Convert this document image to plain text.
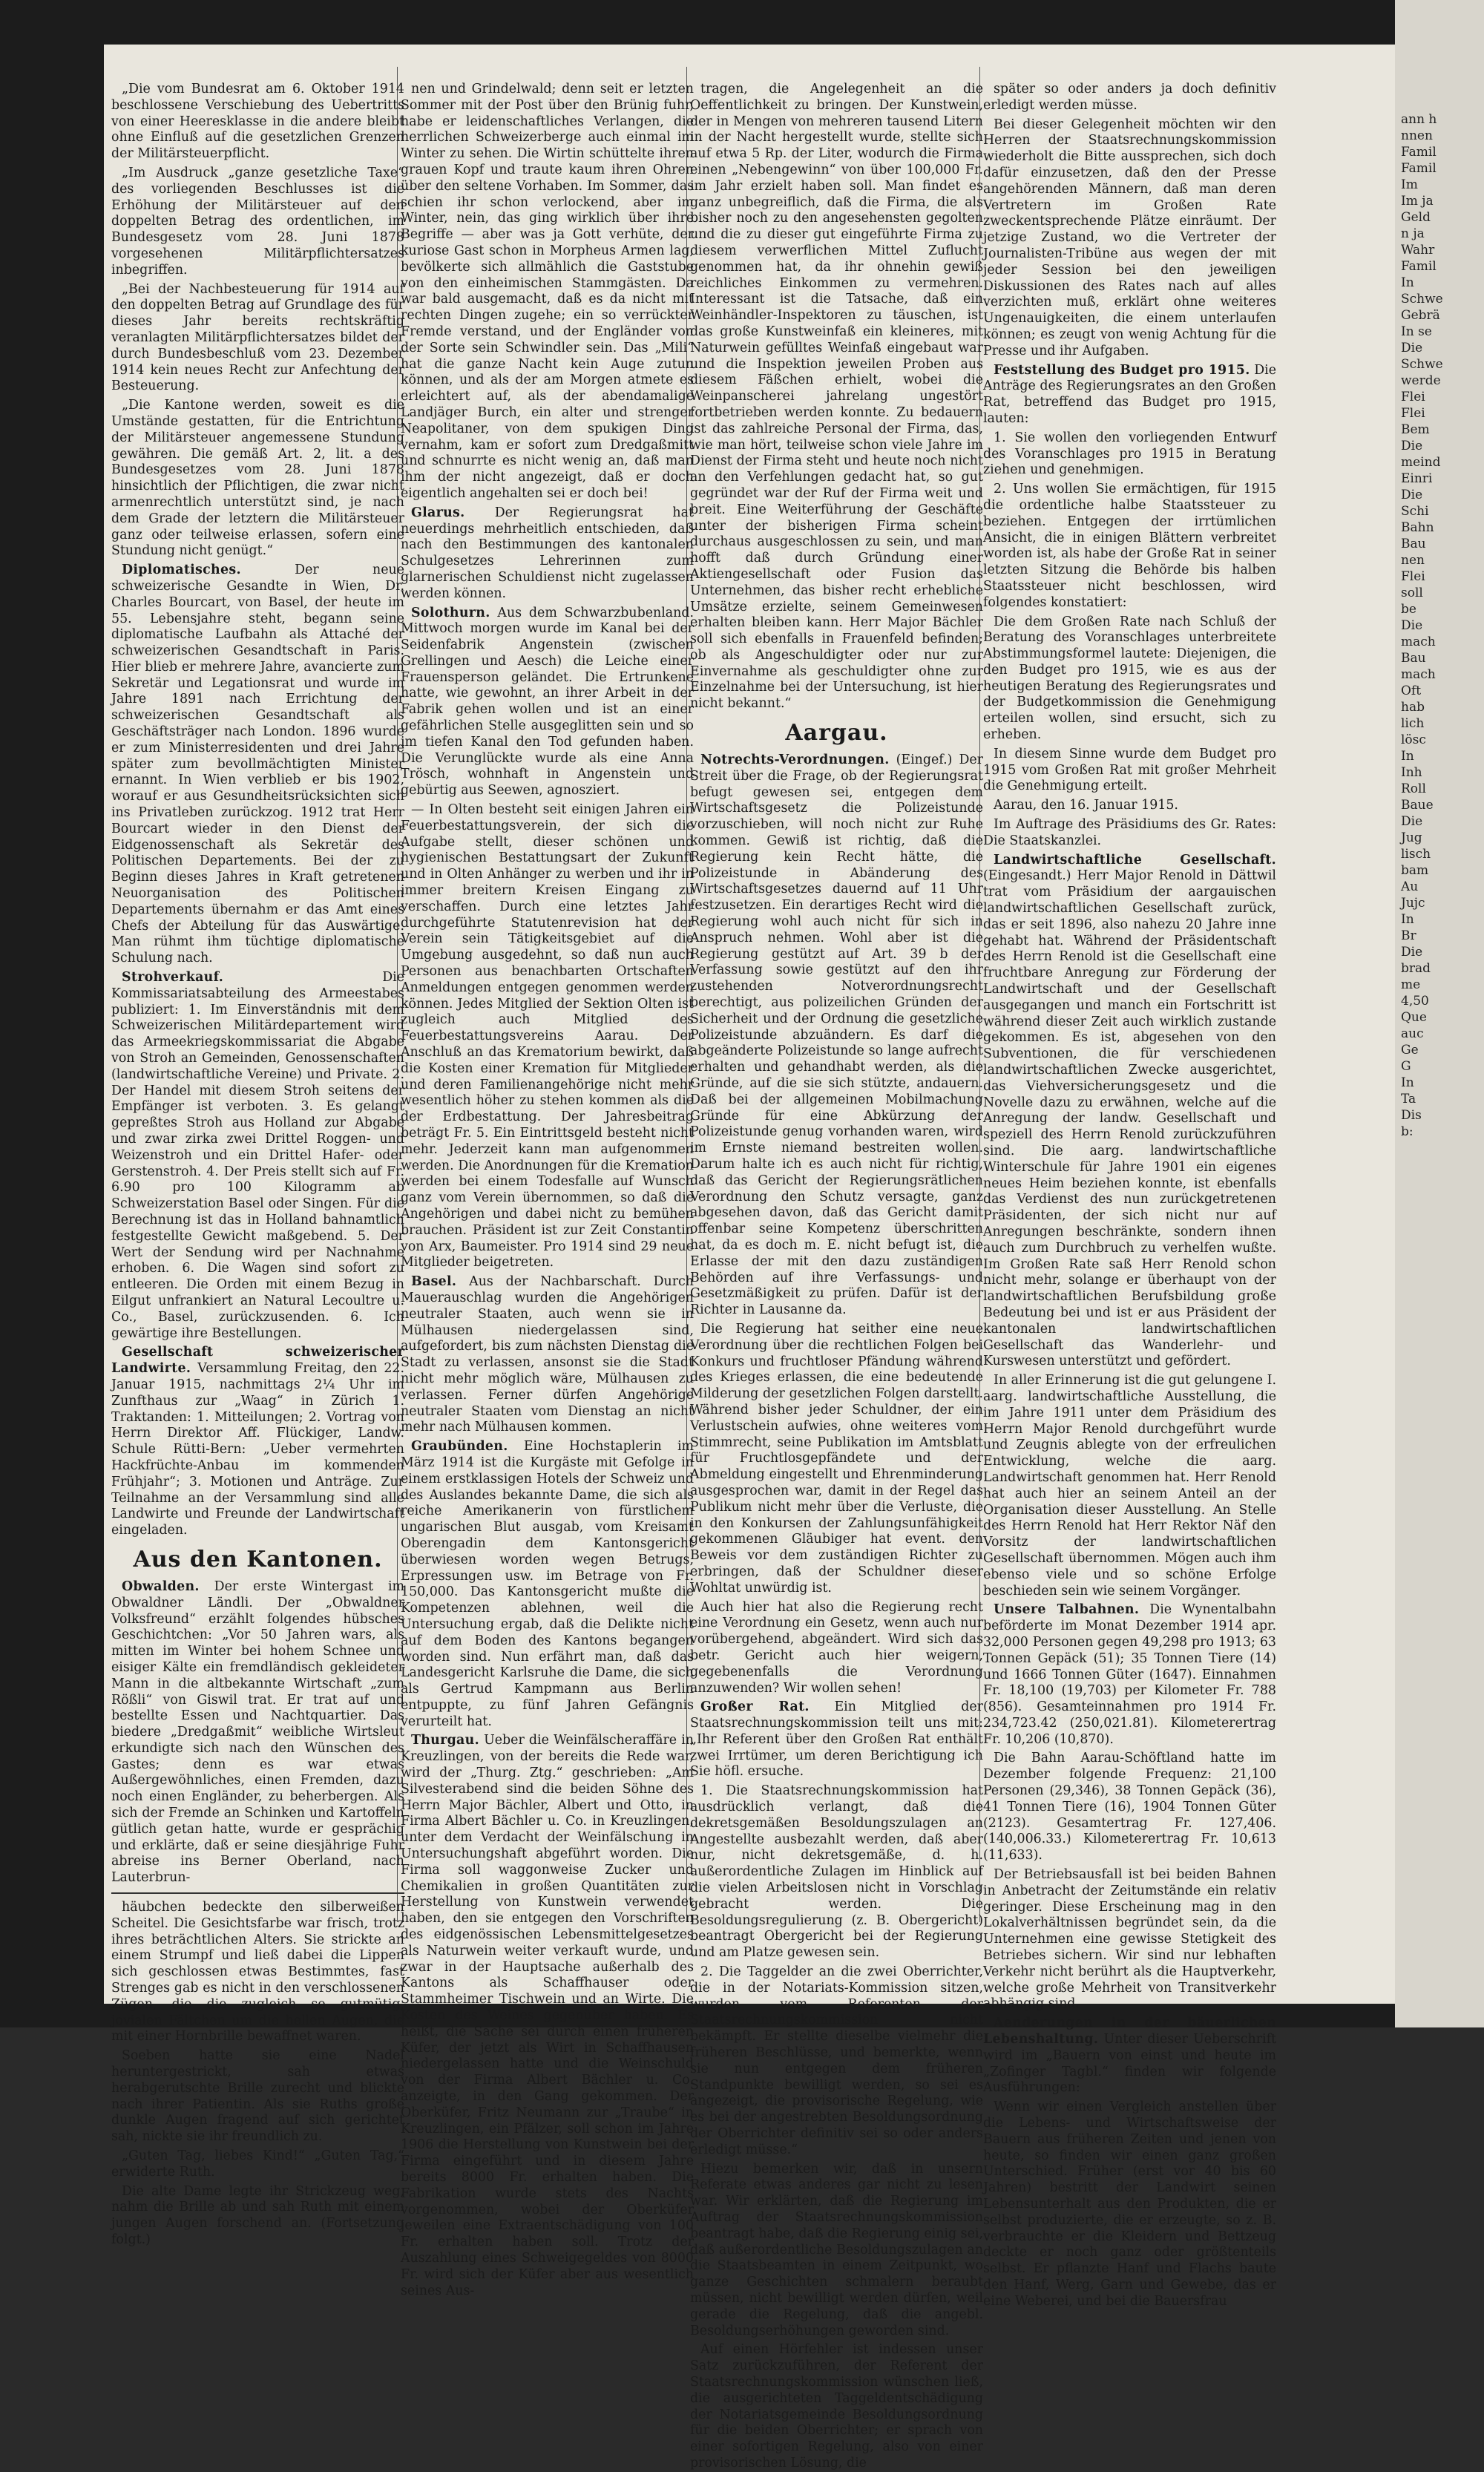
„Die vom Bundesrat am 6. Oktober 1914 beschlossene Verschiebung des Uebertritts von einer Heeresklasse in die andere bleibt ohne Einfluß auf die gesetzlichen Grenzen der Militärsteuerpflicht.

„Im Ausdruck „ganze gesetzliche Taxe“ des vorliegenden Beschlusses ist die Erhöhung der Militärsteuer auf den doppelten Betrag des ordentlichen, im Bundesgesetz vom 28. Juni 1878 vorgesehenen Militärpflichtersatzes inbegriffen.

„Bei der Nachbesteuerung für 1914 auf den doppelten Betrag auf Grundlage des für dieses Jahr bereits rechtskräftig veranlagten Militärpflichtersatzes bildet der durch Bundesbeschluß vom 23. Dezember 1914 kein neues Recht zur Anfechtung der Besteuerung.

„Die Kantone werden, soweit es die Umstände gestatten, für die Entrichtung der Militärsteuer angemessene Stundung gewähren. Die gemäß Art. 2, lit. a des Bundesgesetzes vom 28. Juni 1878 hinsichtlich der Pflichtigen, die zwar nicht armenrechtlich unterstützt sind, je nach dem Grade der letztern die Militärsteuer ganz oder teilweise erlassen, sofern eine Stundung nicht genügt.“

Diplomatisches.	Der neue schweizerische Gesandte in Wien, Dr. Charles Bourcart, von Basel, der heute im 55. Lebensjahre steht, begann seine diplomatische Laufbahn als Attaché der schweizerischen Gesandtschaft in Paris. Hier blieb er mehrere Jahre, avancierte zum Sekretär und Legationsrat und wurde im Jahre 1891 nach Errichtung der schweizerischen Gesandtschaft als Geschäftsträger nach London. 1896 wurde er zum Ministerresidenten und drei Jahre später zum bevollmächtigten Minister ernannt. In Wien verblieb er bis 1902, worauf er aus Gesundheitsrücksichten sich ins Privatleben zurückzog. 1912 trat Herr Bourcart wieder in den Dienst der Eidgenossenschaft als Sekretär des Politischen Departements. Bei der zu Beginn dieses Jahres in Kraft getretenen Neuorganisation des Politischen Departements übernahm er das Amt eines Chefs der Abteilung für das Auswärtige. Man rühmt ihm tüchtige diplomatische Schulung nach.

Strohverkauf.	Die Kommissariatsabteilung des Armeestabes publiziert: 1. Im Einverständnis mit dem Schweizerischen Militärdepartement wird das Armeekriegskommissariat die Abgabe von Stroh an Gemeinden, Genossenschaften (landwirtschaftliche Vereine) und Private. 2. Der Handel mit diesem Stroh seitens der Empfänger ist verboten. 3. Es gelangt gepreßtes Stroh aus Holland zur Abgabe und zwar zirka zwei Drittel Roggen- und Weizenstroh und ein Drittel Hafer- oder Gerstenstroh. 4. Der Preis stellt sich auf Fr. 6.90 pro 100 Kilogramm ab Schweizerstation Basel oder Singen. Für die Berechnung ist das in Holland bahnamtlich festgestellte Gewicht maßgebend. 5. Der Wert der Sendung wird per Nachnahme erhoben. 6. Die Wagen sind sofort zu entleeren. Die Orden mit einem Bezug in Eilgut unfrankiert an Natural Lecoultre u. Co., Basel, zurückzusenden. 6. Ich gewärtige ihre Bestellungen.

Gesellschaft schweizerischer Landwirte. Versammlung Freitag, den 22. Januar 1915, nachmittags 2¼ Uhr im Zunfthaus zur „Waag“ in Zürich 1. Traktanden: 1. Mitteilungen; 2. Vortrag von Herrn Direktor Aff. Flückiger, Landw. Schule Rütti-Bern: „Ueber vermehrten Hackfrüchte-Anbau im kommenden Frühjahr“; 3. Motionen und Anträge. Zur Teilnahme an der Versammlung sind alle Landwirte und Freunde der Landwirtschaft eingeladen.

Aus den Kantonen.

Obwalden. Der erste Wintergast im Obwaldner Ländli. Der „Obwaldner Volksfreund“ erzählt folgendes hübsches Geschichtchen: „Vor 50 Jahren wars, als mitten im Winter bei hohem Schnee und eisiger Kälte ein fremdländisch gekleideter Mann in die altbekannte Wirtschaft „zum Rößli“ von Giswil trat. Er trat auf und bestellte Essen und Nachtquartier. Das biedere „Dredgaßmit“ weibliche Wirtsleut erkundigte sich nach den Wünschen des Gastes; denn es war etwas Außergewöhnliches, einen Fremden, dazu noch einen Engländer, zu beherbergen. Als sich der Fremde an Schinken und Kartoffeln gütlich getan hatte, wurde er gesprächig und erklärte, daß er seine diesjährige Fuhr abreise ins Berner Oberland, nach Lauterbrun-

häubchen bedeckte den silberweißen Scheitel. Die Gesichtsfarbe war frisch, trotz ihres beträchtlichen Alters. Sie strickte an einem Strumpf und ließ dabei die Lippen sich geschlossen etwas Bestimmtes, fast Strenges gab es nicht in den verschlossenen Zügen, die die zugleich so gutmütig, jovialen Fältchen um die hellen Augen, die mit einer Hornbrille bewaffnet waren.

Soeben hatte sie eine Nadel heruntergestrickt, sah etwas herabgerutschte Brille zurecht und blickte nach ihrer Patientin. Als sie Ruths große dunkle Augen fragend auf sich gerichtet sah, nickte sie ihr freundlich zu.

„Guten Tag, liebes Kind!“ „Guten Tag,“ erwiderte Ruth.

Die alte Dame legte ihr Strickzeug weg, nahm die Brille ab und sah Ruth mit einem jungen Augen forschend an. (Fortsetzung folgt.)

nen und Grindelwald; denn seit er letzten Sommer mit der Post über den Brünig fuhr, habe er leidenschaftliches Verlangen, die herrlichen Schweizerberge auch einmal im Winter zu sehen. Die Wirtin schüttelte ihren grauen Kopf und traute kaum ihren Ohren über den seltene Vorhaben. Im Sommer, das schien ihr schon verlockend, aber im Winter, nein, das ging wirklich über ihre Begriffe — aber was ja Gott verhüte, der kuriose Gast schon in Morpheus Armen lag, bevölkerte sich allmählich die Gaststube von den einheimischen Stammgästen. Da war bald ausgemacht, daß es da nicht mit rechten Dingen zugehe; ein so verrückter Fremde verstand, und der Engländer von der Sorte sein Schwindler sein. Das „Mili“ hat die ganze Nacht kein Auge zutun können, und als der am Morgen atmete es erleichtert auf, als der abendamalige Landjäger Burch, ein alter und strenger Neapolitaner, von dem spukigen Ding vernahm, kam er sofort zum Dredgaßmitt und schnurrte es nicht wenig an, daß man ihm der nicht angezeigt, daß er doch eigentlich angehalten sei er doch bei!

Glarus. Der Regierungsrat hat neuerdings mehrheitlich entschieden, daß nach den Bestimmungen des kantonalen Schulgesetzes Lehrerinnen zum glarnerischen Schuldienst nicht zugelassen werden können.

Solothurn. Aus dem Schwarzbubenland. Mittwoch morgen wurde im Kanal bei der Seidenfabrik Angenstein (zwischen Grellingen und Aesch) die Leiche einer Frauensperson geländet. Die Ertrunkene hatte, wie gewohnt, an ihrer Arbeit in der Fabrik gehen wollen und ist an einer gefährlichen Stelle ausgeglitten sein und so im tiefen Kanal den Tod gefunden haben. Die Verunglückte wurde als eine Anna Trösch, wohnhaft in Angenstein und gebürtig aus Seewen, agnosziert.

— In Olten besteht seit einigen Jahren ein Feuerbestattungsverein, der sich die Aufgabe stellt, dieser schönen und hygienischen Bestattungsart der Zukunft und in Olten Anhänger zu werben und ihr in immer breitern Kreisen Eingang zu verschaffen. Durch eine letztes Jahr durchgeführte Statutenrevision hat der Verein sein Tätigkeitsgebiet auf die Umgebung ausgedehnt, so daß nun auch Personen aus benachbarten Ortschaften Anmeldungen entgegen genommen werden können. Jedes Mitglied der Sektion Olten ist zugleich auch Mitglied des Feuerbestattungsvereins Aarau. Der Anschluß an das Krematorium bewirkt, daß die Kosten einer Kremation für Mitglieder und deren Familienangehörige nicht mehr wesentlich höher zu stehen kommen als die der Erdbestattung. Der Jahresbeitrag beträgt Fr. 5. Ein Eintrittsgeld besteht nicht mehr. Jederzeit kann man aufgenommen werden. Die Anordnungen für die Kremation werden bei einem Todesfalle auf Wunsch ganz vom Verein übernommen, so daß die Angehörigen und dabei nicht zu bemühen brauchen. Präsident ist zur Zeit Constantin von Arx, Baumeister. Pro 1914 sind 29 neue Mitglieder beigetreten.

Basel. Aus der Nachbarschaft. Durch Mauerauschlag wurden die Angehörigen neutraler Staaten, auch wenn sie in Mülhausen niedergelassen sind, aufgefordert, bis zum nächsten Dienstag die Stadt zu verlassen, ansonst sie die Stadt nicht mehr möglich wäre, Mülhausen zu verlassen. Ferner dürfen Angehörige neutraler Staaten vom Dienstag an nicht mehr nach Mülhausen kommen.

Graubünden. Eine Hochstaplerin im März 1914 ist die Kurgäste mit Gefolge in einem erstklassigen Hotels der Schweiz und des Auslandes bekannte Dame, die sich als reiche Amerikanerin von fürstlichem ungarischen Blut ausgab, vom Kreisamt Oberengadin dem Kantonsgericht überwiesen worden wegen Betrugs, Erpressungen usw. im Betrage von Fr. 150,000. Das Kantonsgericht mußte die Kompetenzen ablehnen, weil die Untersuchung ergab, daß die Delikte nicht auf dem Boden des Kantons begangen worden sind. Nun erfährt man, daß das Landesgericht Karlsruhe die Dame, die sich als Gertrud Kampmann aus Berlin entpuppte, zu fünf Jahren Gefängnis verurteilt hat.

Thurgau. Ueber die Weinfälscheraffäre in Kreuzlingen, von der bereits die Rede war, wird der „Thurg. Ztg.“ geschrieben: „Am Silvesterabend sind die beiden Söhne des Herrn Major Bächler, Albert und Otto, in Firma Albert Bächler u. Co. in Kreuzlingen, unter dem Verdacht der Weinfälschung in Untersuchungshaft abgeführt worden. Die Firma soll waggonweise Zucker und Chemikalien in großen Quantitäten zur Herstellung von Kunstwein verwendet haben, den sie entgegen den Vorschriften des eidgenössischen Lebensmittelgesetzes als Naturwein weiter verkauft wurde, und zwar in der Hauptsache außerhalb des Kantons als Schaffhauser oder Stammheimer Tischwein und an Wirte. Die Kosten des Weines gegenüber haben. Es heißt, die Sache sei durch einen früheren Küfer, der jetzt als Wirt in Schaffhausen niedergelassen hatte und die Weinschuld von der Firma Albert Bächler u. Co. anzeigte, in den Gang gekommen. Der Oberküfer, Fritz Neumann zur „Traube“ in Kreuzlingen, ein Pfälzer, soll schon im Jahre 1906 die Herstellung von Kunstwein bei der Firma eingeführt und in diesem Jahre bereits 8000 Fr. erhalten haben. Die Fabrikation wurde stets des Nachts vorgenommen, wobei der Oberküfer jeweilen eine Extraentschädigung von 100 Fr. erhalten haben soll. Trotz der Auszahlung eines Schweigegeldes von 8000 Fr. wird sich der Küfer aber aus wesentlich seines Aus-

tragen, die Angelegenheit an die Oeffentlichkeit zu bringen. Der Kunstwein, der in Mengen von mehreren tausend Litern in der Nacht hergestellt wurde, stellte sich auf etwa 5 Rp. der Liter, wodurch die Firma einen „Nebengewinn“ von über 100,000 Fr. im Jahr erzielt haben soll. Man findet es ganz unbegreiflich, daß die Firma, die als bisher noch zu den angesehensten gegolten und die zu dieser gut eingeführte Firma zu diesem verwerflichen Mittel Zuflucht genommen hat, da ihr ohnehin gewiß reichliches Einkommen zu vermehren. Interessant ist die Tatsache, daß ein Weinhändler-Inspektoren zu täuschen, ist das große Kunstweinfaß ein kleineres, mit Naturwein gefülltes Weinfaß eingebaut war und die Inspektion jeweilen Proben aus diesem Fäßchen erhielt, wobei die Weinpanscherei jahrelang ungestört fortbetrieben werden konnte. Zu bedauern ist das zahlreiche Personal der Firma, das, wie man hört, teilweise schon viele Jahre im Dienst der Firma steht und heute noch nicht an den Verfehlungen gedacht hat, so gut gegründet war der Ruf der Firma weit und breit. Eine Weiterführung der Geschäfte unter der bisherigen Firma scheint durchaus ausgeschlossen zu sein, und man hofft daß durch Gründung einer Aktiengesellschaft oder Fusion das Unternehmen, das bisher recht erhebliche Umsätze erzielte, seinem Gemeinwesen erhalten bleiben kann. Herr Major Bächler soll sich ebenfalls in Frauenfeld befinden; ob als Angeschuldigter oder nur zur Einvernahme als geschuldigter ohne zur Einzelnahme bei der Untersuchung, ist hier nicht bekannt.“

Aargau.

Notrechts-Verordnungen. (Eingef.) Der Streit über die Frage, ob der Regierungsrat befugt gewesen sei, entgegen dem Wirtschaftsgesetz die Polizeistunde vorzuschieben, will noch nicht zur Ruhe kommen. Gewiß ist richtig, daß die Regierung kein Recht hätte, die Polizeistunde in Abänderung des Wirtschaftsgesetzes dauernd auf 11 Uhr festzusetzen. Ein derartiges Recht wird die Regierung wohl auch nicht für sich in Anspruch nehmen. Wohl aber ist die Regierung gestützt auf Art. 39 b der Verfassung sowie gestützt auf den ihr zustehenden Notverordnungsrecht berechtigt, aus polizeilichen Gründen der Sicherheit und der Ordnung die gesetzliche Polizeistunde abzuändern. Es darf die abgeänderte Polizeistunde so lange aufrecht erhalten und gehandhabt werden, als die Gründe, auf die sie sich stützte, andauern. Daß bei der allgemeinen Mobilmachung Gründe für eine Abkürzung der Polizeistunde genug vorhanden waren, wird im Ernste niemand bestreiten wollen. Darum halte ich es auch nicht für richtig, daß das Gericht der Regierungsrätlichen Verordnung den Schutz versagte, ganz abgesehen davon, daß das Gericht damit offenbar seine Kompetenz überschritten hat, da es doch m. E. nicht befugt ist, die Erlasse der mit den dazu zuständigen Behörden auf ihre Verfassungs- und Gesetzmäßigkeit zu prüfen. Dafür ist der Richter in Lausanne da.

Die Regierung hat seither eine neue Verordnung über die rechtlichen Folgen bei Konkurs und fruchtloser Pfändung während des Krieges erlassen, die eine bedeutende Milderung der gesetzlichen Folgen darstellt. Während bisher jeder Schuldner, der ein Verlustschein aufwies, ohne weiteres vom Stimmrecht, seine Publikation im Amtsblatt für Fruchtlosgepfändete und der Abmeldung eingestellt und Ehrenminderung ausgesprochen war, damit in der Regel das Publikum nicht mehr über die Verluste, die in den Konkursen der Zahlungsunfähigkeit gekommenen Gläubiger hat event. den Beweis vor dem zuständigen Richter zu erbringen, daß der Schuldner dieser Wohltat unwürdig ist.

Auch hier hat also die Regierung recht eine Verordnung ein Gesetz, wenn auch nur vorübergehend, abgeändert. Wird sich das betr. Gericht auch hier weigern, gegebenenfalls die Verordnung anzuwenden? Wir wollen sehen!

Großer Rat. Ein Mitglied der Staatsrechnungskommission teilt uns mit: „Ihr Referent über den Großen Rat enthält zwei Irrtümer, um deren Berichtigung ich Sie höfl. ersuche.

1. Die Staatsrechnungskommission hat ausdrücklich verlangt, daß die dekretsgemäßen Besoldungszulagen an Angestellte ausbezahlt werden, daß aber nur, nicht dekretsgemäße, d. h. außerordentliche Zulagen im Hinblick auf die vielen Arbeitslosen nicht in Vorschlag gebracht werden. Die Besoldungsregulierung (z. B. Obergericht) beantragt Obergericht bei der Regierung und am Platze gewesen sein.

2. Die Taggelder an die zwei Oberrichter, die in der Notariats-Kommission sitzen, wurden vom Referenten der Staatsrechnungskommission nicht bekämpft. Er stellte dieselbe vielmehr die früheren Beschlüsse, und bemerkte, wenn sie nun entgegen dem früheren Standpunkte bewilligt werden, so sei es angezeigt, die provisorische Regelung, wie es bei der angestrebten Besoldungsordnung der Oberrichter definitiv sei so oder anders erledigt müsse.“

Hiezu bemerken wir, daß in unsern Referate etwas anderes gar nicht zu lesen war. Wir erklärten, daß die Regierung im Auftrag der Staatsrechnungskommission beantragt habe, daß die Regierung einig sei, daß außerordentliche Besoldungszulagen an die Staatsbeamten in einem Zeitpunkt, wo ganze Geschichten schmalern beraubt müssen, nicht bewilligt werden dürfen, weil gerade die Regelung, daß die angebl. Besoldungserhöhungen geworden sind.

Auf einen Hörfehler ist indessen unser Satz zurückzuführen, der Referent der Staatsrechnungskommission wünschen ließ, die ausgerichteten Taggeldentschädigung der Notariatsgemeinde Besoldungsordnung für die beiden Oberrichter; er sprach von einer sofortigen Regelung, also von einer provisorischen Lösung, die

später so oder anders ja doch definitiv erledigt werden müsse.

Bei dieser Gelegenheit möchten wir den Herren der Staatsrechnungskommission wiederholt die Bitte aussprechen, sich doch dafür einzusetzen, daß den der Presse angehörenden Männern, daß man deren Vertretern im Großen Rate zweckentsprechende Plätze einräumt. Der jetzige Zustand, wo die Vertreter der Journalisten-Tribüne aus wegen der mit jeder Session bei den jeweiligen Diskussionen des Rates nach auf alles verzichten muß, erklärt ohne weiteres Ungenauigkeiten, die einem unterlaufen können; es zeugt von wenig Achtung für die Presse und ihr Aufgaben.

Feststellung des Budget pro 1915. Die Anträge des Regierungsrates an den Großen Rat, betreffend das Budget pro 1915, lauten:

1. Sie wollen den vorliegenden Entwurf des Voranschlages pro 1915 in Beratung ziehen und genehmigen.

2. Uns wollen Sie ermächtigen, für 1915 die ordentliche halbe Staatssteuer zu beziehen. Entgegen der irrtümlichen Ansicht, die in einigen Blättern verbreitet worden ist, als habe der Große Rat in seiner letzten Sitzung die Behörde bis halben Staatssteuer nicht beschlossen, wird folgendes konstatiert:

Die dem Großen Rate nach Schluß der Beratung des Voranschlages unterbreitete Abstimmungsformel lautete: Diejenigen, die den Budget pro 1915, wie es aus der heutigen Beratung des Regierungsrates und der Budgetkommission die Genehmigung erteilen wollen, sind ersucht, sich zu erheben.

In diesem Sinne wurde dem Budget pro 1915 vom Großen Rat mit großer Mehrheit die Genehmigung erteilt.

Aarau, den 16. Januar 1915.

Im Auftrage des Präsidiums des Gr. Rates: Die Staatskanzlei.

Landwirtschaftliche Gesellschaft. (Eingesandt.) Herr Major Renold in Dättwil trat vom Präsidium der aargauischen landwirtschaftlichen Gesellschaft zurück, das er seit 1896, also nahezu 20 Jahre inne gehabt hat. Während der Präsidentschaft des Herrn Renold ist die Gesellschaft eine fruchtbare Anregung zur Förderung der Landwirtschaft und der Gesellschaft ausgegangen und manch ein Fortschritt ist während dieser Zeit auch wirklich zustande gekommen. Es ist, abgesehen von den Subventionen, die für verschiedenen landwirtschaftlichen Zwecke ausgerichtet, das Viehversicherungsgesetz und die Novelle dazu zu erwähnen, welche auf die Anregung der landw. Gesellschaft und speziell des Herrn Renold zurückzuführen sind. Die aarg. landwirtschaftliche Winterschule für Jahre 1901 ein eigenes neues Heim beziehen konnte, ist ebenfalls das Verdienst des nun zurückgetretenen Präsidenten, der sich nicht nur auf Anregungen beschränkte, sondern ihnen auch zum Durchbruch zu verhelfen wußte. Im Großen Rate saß Herr Renold schon nicht mehr, solange er überhaupt von der landwirtschaftlichen Berufsbildung große Bedeutung bei und ist er aus Präsident der kantonalen landwirtschaftlichen Gesellschaft das Wanderlehr- und Kurswesen unterstützt und gefördert.

In aller Erinnerung ist die gut gelungene I. aarg. landwirtschaftliche Ausstellung, die im Jahre 1911 unter dem Präsidium des Herrn Major Renold durchgeführt wurde und Zeugnis ablegte von der erfreulichen Entwicklung, welche die aarg. Landwirtschaft genommen hat. Herr Renold hat auch hier an seinem Anteil an der Organisation dieser Ausstellung. An Stelle des Herrn Renold hat Herr Rektor Näf den Vorsitz der landwirtschaftlichen Gesellschaft übernommen. Mögen auch ihm ebenso viele und so schöne Erfolge beschieden sein wie seinem Vorgänger.

Unsere Talbahnen. Die Wynentalbahn beförderte im Monat Dezember 1914 apr. 32,000 Personen gegen 49,298 pro 1913; 63 Tonnen Gepäck (51); 35 Tonnen Tiere (14) und 1666 Tonnen Güter (1647). Einnahmen Fr. 18,100 (19,703) per Kilometer Fr. 788 (856). Gesamteinnahmen pro 1914 Fr. 234,723.42 (250,021.81). Kilometerertrag Fr. 10,206 (10,870).

Die Bahn Aarau-Schöftland hatte im Dezember folgende Frequenz: 21,100 Personen (29,346), 38 Tonnen Gepäck (36), 41 Tonnen Tiere (16), 1904 Tonnen Güter (2123). Gesamtertrag Fr. 127,406. (140,006.33.) Kilometerertrag Fr. 10,613 (11,633).

Der Betriebsausfall ist bei beiden Bahnen in Anbetracht der Zeitumstände ein relativ geringer. Diese Erscheinung mag in den Lokalverhältnissen begründet sein, da die Unternehmen eine gewisse Stetigkeit des Betriebes sichern. Wir sind nur lebhaften Verkehr nicht berührt als die Hauptverkehr, welche große Mehrheit von Transitverkehr abhängig sind.

Aenderungen in der bäuerlichen Lebenshaltung. Unter dieser Ueberschrift wird im „Bauern von einst und heute im „Zofinger Tagbl.“ finden wir folgende Ausführungen:

Wenn wir einen Vergleich anstellen über die Lebens- und Wirtschaftsweise der Bauern aus früheren Zeiten und jenen von heute, so finden wir einen ganz großen Unterschied. Früher (erst vor 40 bis 60 Jahren) bestritt der Landwirt seinen Lebensunterhalt aus den Produkten, die er selbst produzierte, die er erzeugte, so z. B. verbrauchte er die Kleidern und Bettzeug deckte er noch ganz oder größtenteils selbst. Er pflanzte Hanf und Flachs baute den Hanf, Werg, Garn und Gewebe, das er eine Weberei, und bei die Bauersfrau

ann h
nnen
Famil
Famil
Im
Im ja
Geld
n ja
Wahr
Famil
In
Schwe
Gebrä
In se
Die
Schwe
werde
Flei
Flei
Bem
Die
meind
Einri
Die
Schi
Bahn
Bau
nen
Flei
soll
be
Die
mach
Bau
mach
Oft
hab
lich
lösc
In
Inh
Roll
Baue
Die
Jug
lisch
bam
Au
Jujc
In
Br
Die
brad
me
4,50
Que
auc
Ge
G
In
Ta
Dis
b:
